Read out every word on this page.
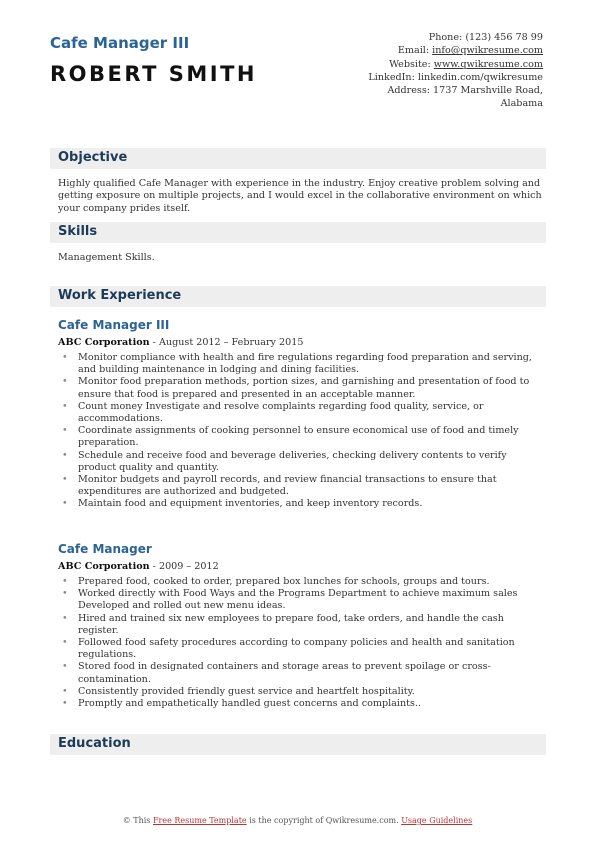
Cafe Manager III
ROBERT SMITH
Phone: (123) 456 78 99
Email: info@qwikresume.com
Website: www.qwikresume.com
LinkedIn: linkedin.com/qwikresume
Address: 1737 Marshville Road,
Alabama
Objective
Highly qualified Cafe Manager with experience in the industry. Enjoy creative problem solving and getting exposure on multiple projects, and I would excel in the collaborative environment on which your company prides itself.
Skills
Management Skills.
Work Experience
Cafe Manager III
ABC Corporation - August 2012 – February 2015
• Monitor compliance with health and fire regulations regarding food preparation and serving, and building maintenance in lodging and dining facilities.
• Monitor food preparation methods, portion sizes, and garnishing and presentation of food to ensure that food is prepared and presented in an acceptable manner.
• Count money Investigate and resolve complaints regarding food quality, service, or accommodations.
• Coordinate assignments of cooking personnel to ensure economical use of food and timely preparation.
• Schedule and receive food and beverage deliveries, checking delivery contents to verify product quality and quantity.
• Monitor budgets and payroll records, and review financial transactions to ensure that expenditures are authorized and budgeted.
• Maintain food and equipment inventories, and keep inventory records.
Cafe Manager
ABC Corporation - 2009 – 2012
• Prepared food, cooked to order, prepared box lunches for schools, groups and tours.
• Worked directly with Food Ways and the Programs Department to achieve maximum sales Developed and rolled out new menu ideas.
• Hired and trained six new employees to prepare food, take orders, and handle the cash register.
• Followed food safety procedures according to company policies and health and sanitation regulations.
• Stored food in designated containers and storage areas to prevent spoilage or cross-contamination.
• Consistently provided friendly guest service and heartfelt hospitality.
• Promptly and empathetically handled guest concerns and complaints..
Education
© This Free Resume Template is the copyright of Qwikresume.com. Usage Guidelines
